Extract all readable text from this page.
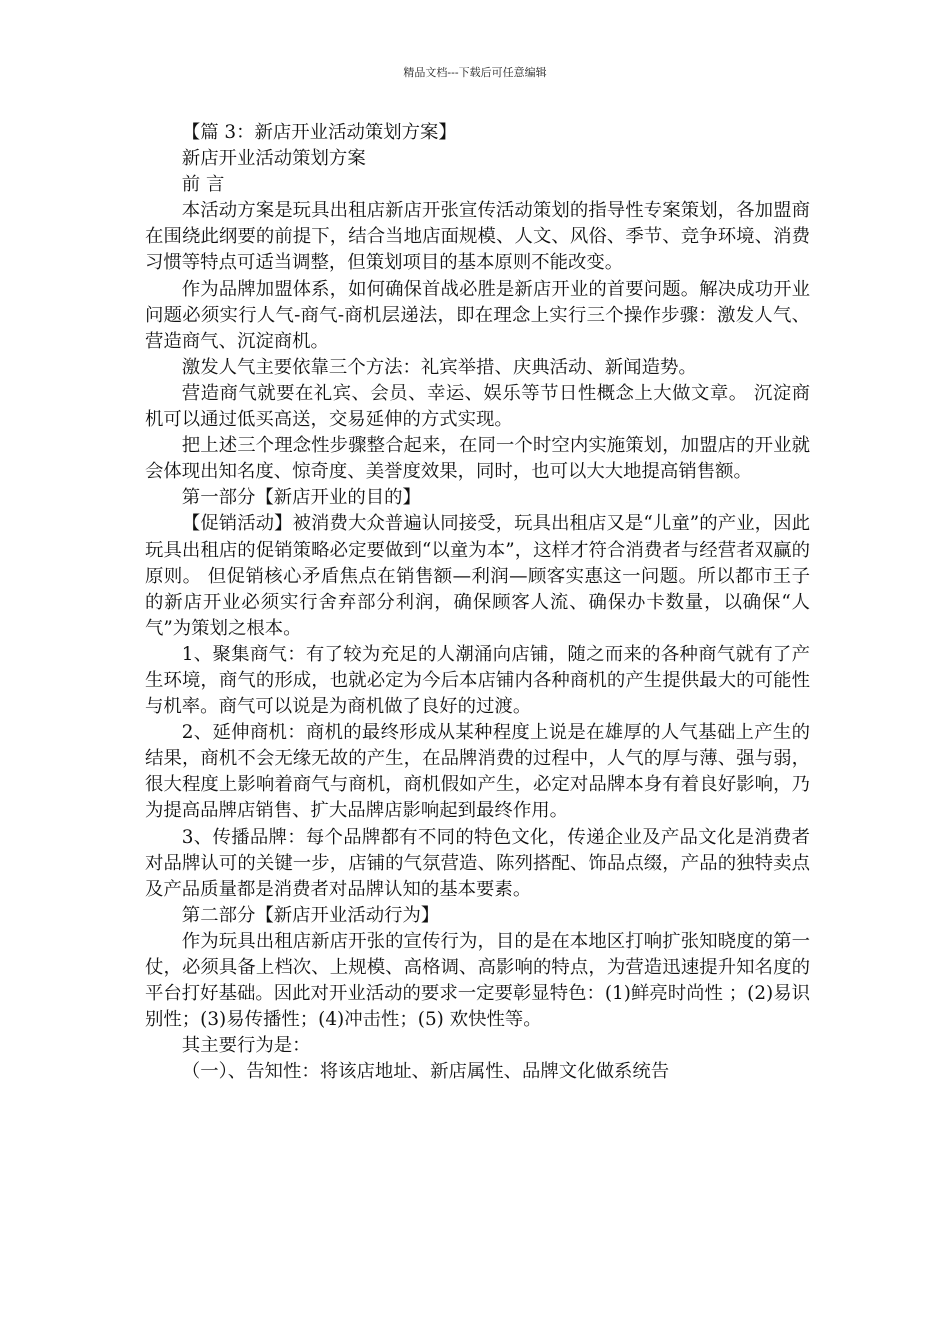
精品文档---下载后可任意编辑

【篇 3：新店开业活动策划方案】

新店开业活动策划方案

前 言

本活动方案是玩具出租店新店开张宣传活动策划的指导性专案策划，各加盟商在围绕此纲要的前提下，结合当地店面规模、人文、风俗、季节、竞争环境、消费习惯等特点可适当调整，但策划项目的基本原则不能改变。

作为品牌加盟体系，如何确保首战必胜是新店开业的首要问题。解决成功开业问题必须实行人气-商气-商机层递法，即在理念上实行三个操作步骤：激发人气、营造商气、沉淀商机。

激发人气主要依靠三个方法：礼宾举措、庆典活动、新闻造势。

营造商气就要在礼宾、会员、幸运、娱乐等节日性概念上大做文章。 沉淀商机可以通过低买高送，交易延伸的方式实现。

把上述三个理念性步骤整合起来，在同一个时空内实施策划，加盟店的开业就会体现出知名度、惊奇度、美誉度效果，同时，也可以大大地提高销售额。

第一部分【新店开业的目的】

【促销活动】被消费大众普遍认同接受，玩具出租店又是“儿童”的产业，因此玩具出租店的促销策略必定要做到“以童为本”，这样才符合消费者与经营者双赢的原则。 但促销核心矛盾焦点在销售额—利润—顾客实惠这一问题。所以都市王子的新店开业必须实行舍弃部分利润，确保顾客人流、确保办卡数量，以确保“人气”为策划之根本。

1、聚集商气：有了较为充足的人潮涌向店铺，随之而来的各种商气就有了产生环境，商气的形成，也就必定为今后本店铺内各种商机的产生提供最大的可能性与机率。商气可以说是为商机做了良好的过渡。

2、延伸商机：商机的最终形成从某种程度上说是在雄厚的人气基础上产生的结果，商机不会无缘无故的产生，在品牌消费的过程中，人气的厚与薄、强与弱，很大程度上影响着商气与商机，商机假如产生，必定对品牌本身有着良好影响，乃为提高品牌店销售、扩大品牌店影响起到最终作用。

3、传播品牌：每个品牌都有不同的特色文化，传递企业及产品文化是消费者对品牌认可的关键一步，店铺的气氛营造、陈列搭配、饰品点缀，产品的独特卖点及产品质量都是消费者对品牌认知的基本要素。

第二部分【新店开业活动行为】

作为玩具出租店新店开张的宣传行为，目的是在本地区打响扩张知晓度的第一仗，必须具备上档次、上规模、高格调、高影响的特点，为营造迅速提升知名度的平台打好基础。因此对开业活动的要求一定要彰显特色：(1)鲜亮时尚性 ；(2)易识别性；(3)易传播性；(4)冲击性；(5) 欢快性等。

其主要行为是：

（一）、告知性：将该店地址、新店属性、品牌文化做系统告
